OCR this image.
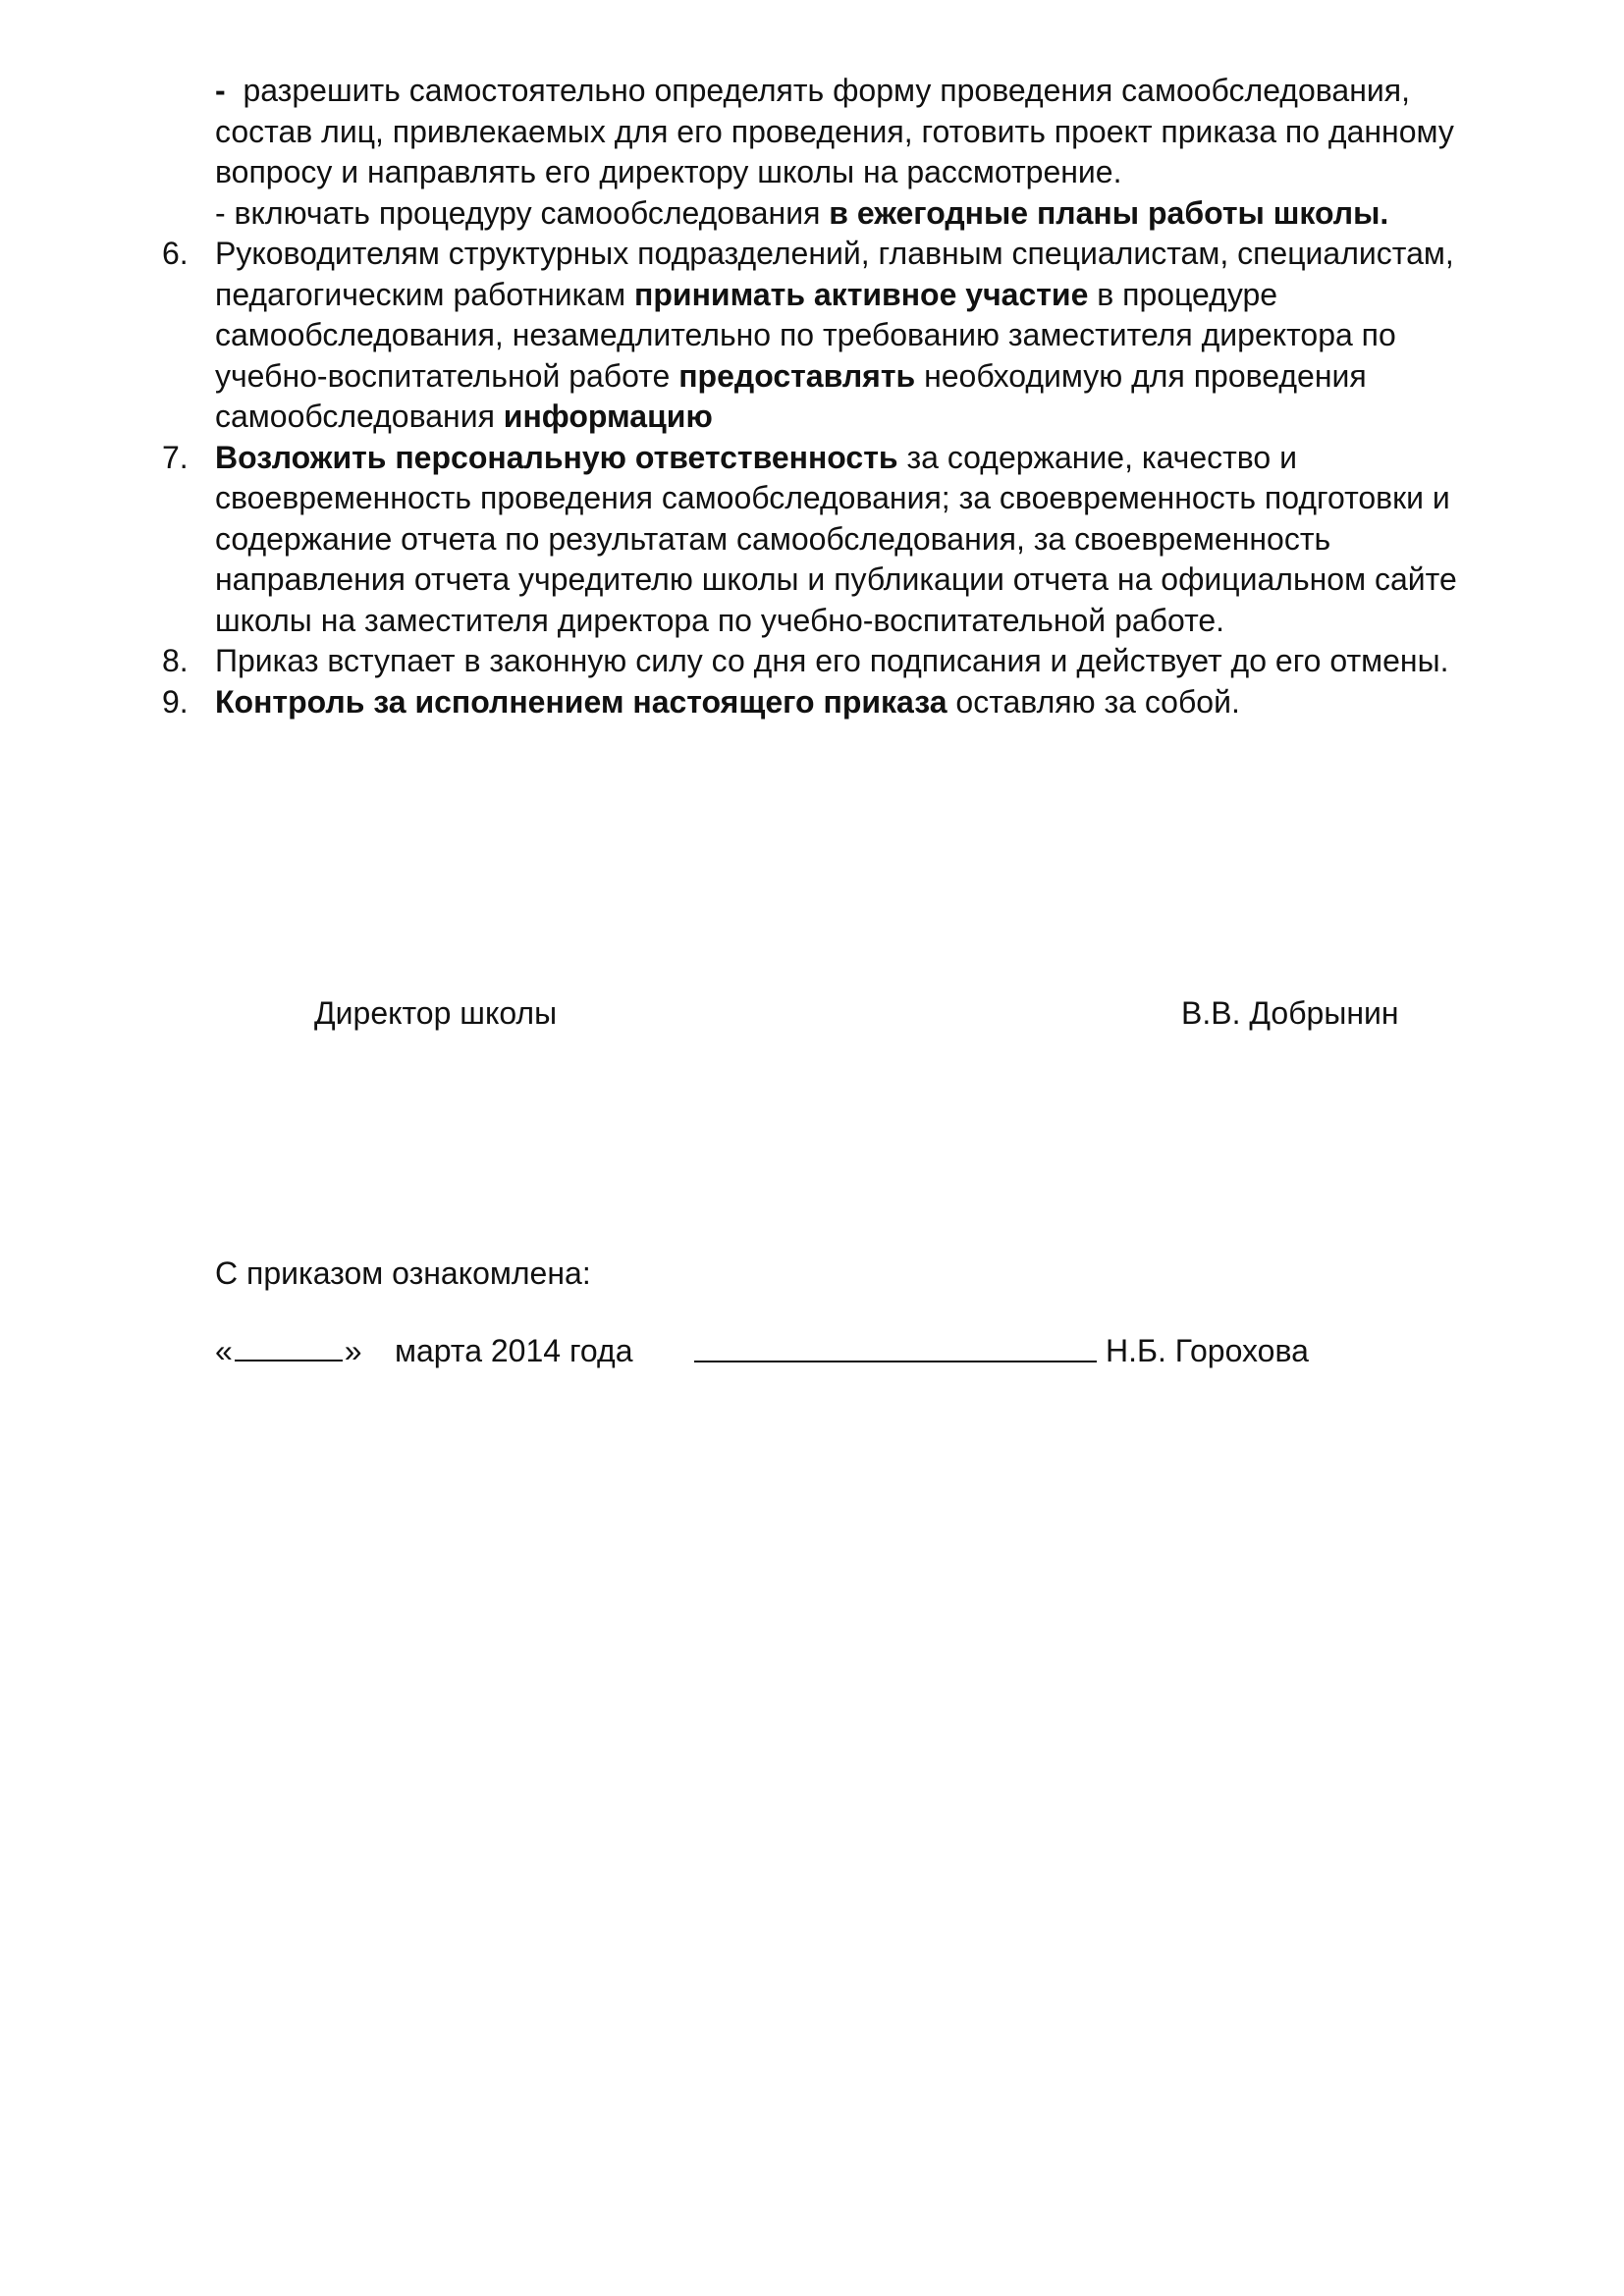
- разрешить самостоятельно определять форму проведения самообследования,
состав лиц, привлекаемых для его проведения, готовить проект приказа по данному
вопросу и направлять его директору школы на рассмотрение.
- включать процедуру самообследования в ежегодные планы работы школы.
6. Руководителям структурных подразделений, главным специалистам, специалистам,
педагогическим работникам принимать активное участие в процедуре
самообследования, незамедлительно по требованию заместителя директора по
учебно-воспитательной работе предоставлять необходимую для проведения
самообследования информацию
7. Возложить персональную ответственность за содержание, качество и
своевременность проведения самообследования; за своевременность подготовки и
содержание отчета по результатам самообследования, за своевременность
направления отчета учредителю школы и публикации отчета на официальном сайте
школы на заместителя директора по учебно-воспитательной работе.
8. Приказ вступает в законную силу со дня его подписания и действует до его отмены.
9. Контроль за исполнением настоящего приказа оставляю за собой.
Директор школы	В.В. Добрынин
С приказом ознакомлена:
«	» марта 2014 года	Н.Б. Горохова
